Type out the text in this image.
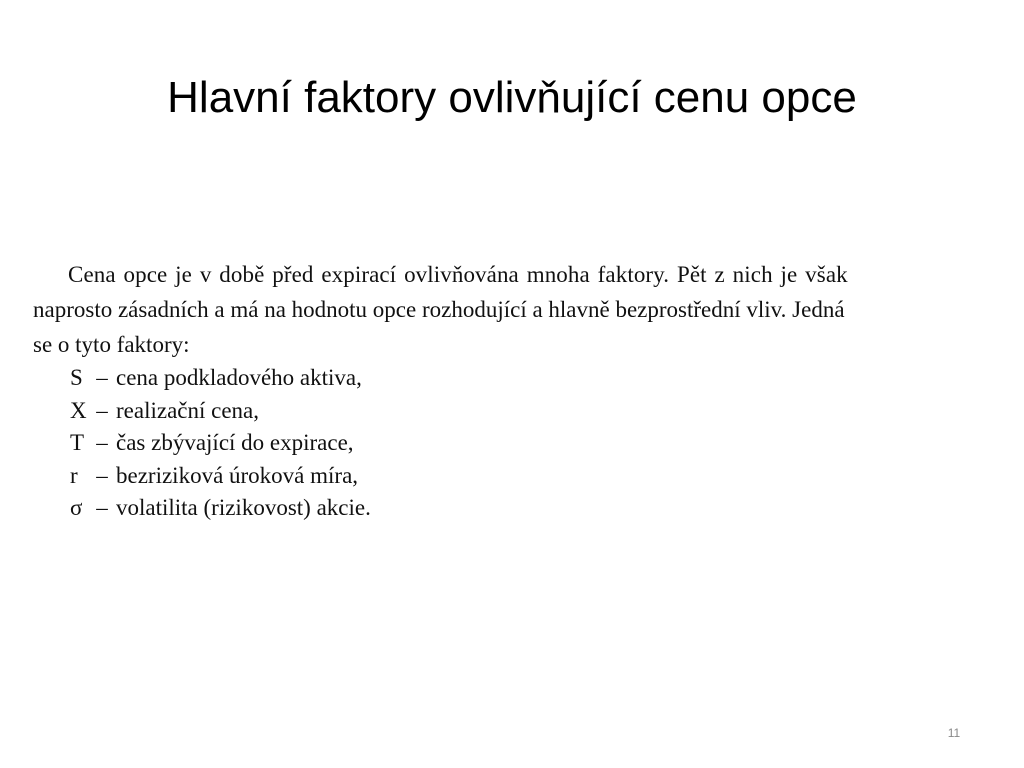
Hlavní faktory ovlivňující cenu opce

Cena opce je v době před expirací ovlivňována mnoha faktory. Pět z nich je však
naprosto zásadních a má na hodnotu opce rozhodující a hlavně bezprostřední vliv. Jedná
se o tyto faktory:

S – cena podkladového aktiva,
X – realizační cena,
T – čas zbývající do expirace,
r – bezriziková úroková míra,
σ – volatilita (rizikovost) akcie.
11
